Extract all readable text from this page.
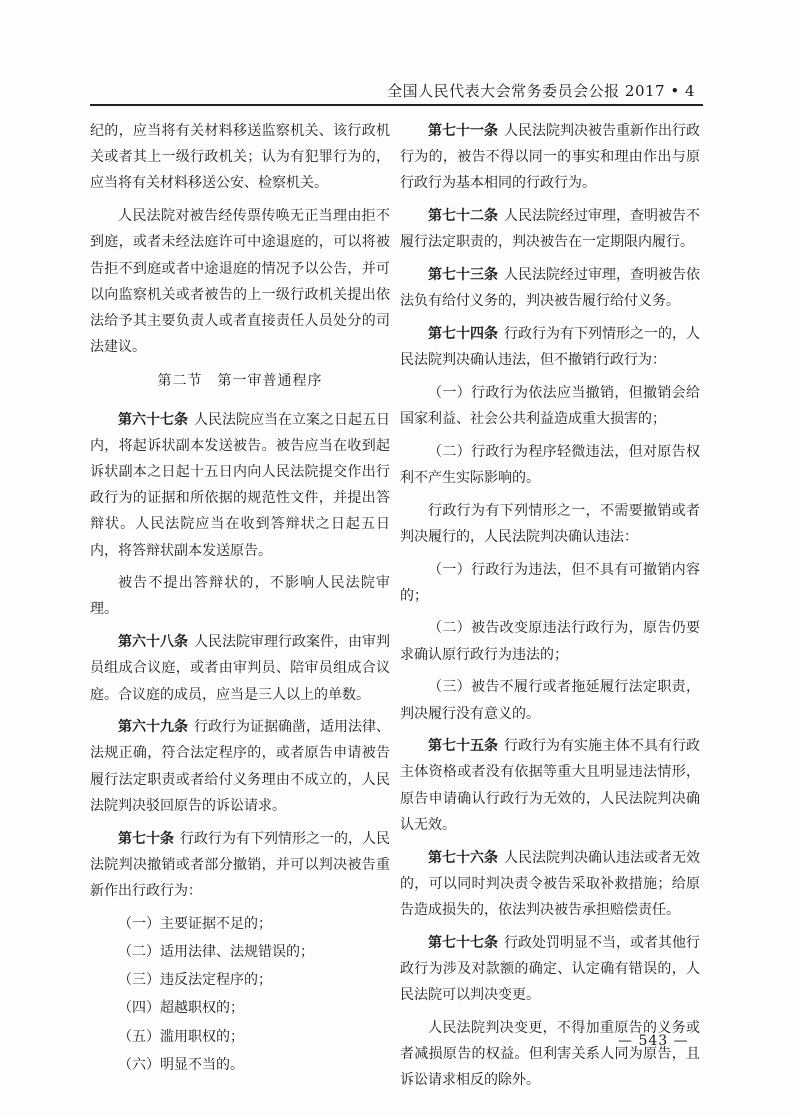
全国人民代表大会常务委员会公报 2017 • 4

纪的，应当将有关材料移送监察机关、该行政机关或者其上一级行政机关；认为有犯罪行为的，应当将有关材料移送公安、检察机关。

人民法院对被告经传票传唤无正当理由拒不到庭，或者未经法庭许可中途退庭的，可以将被告拒不到庭或者中途退庭的情况予以公告，并可以向监察机关或者被告的上一级行政机关提出依法给予其主要负责人或者直接责任人员处分的司法建议。

第二节　第一审普通程序

第六十七条 人民法院应当在立案之日起五日内，将起诉状副本发送被告。被告应当在收到起诉状副本之日起十五日内向人民法院提交作出行政行为的证据和所依据的规范性文件，并提出答辩状。人民法院应当在收到答辩状之日起五日内，将答辩状副本发送原告。

被告不提出答辩状的，不影响人民法院审理。

第六十八条 人民法院审理行政案件，由审判员组成合议庭，或者由审判员、陪审员组成合议庭。合议庭的成员，应当是三人以上的单数。

第六十九条 行政行为证据确凿，适用法律、法规正确，符合法定程序的，或者原告申请被告履行法定职责或者给付义务理由不成立的，人民法院判决驳回原告的诉讼请求。

第七十条 行政行为有下列情形之一的，人民法院判决撤销或者部分撤销，并可以判决被告重新作出行政行为：

（一）主要证据不足的；

（二）适用法律、法规错误的；

（三）违反法定程序的；

（四）超越职权的；

（五）滥用职权的；

（六）明显不当的。

第七十一条 人民法院判决被告重新作出行政行为的，被告不得以同一的事实和理由作出与原行政行为基本相同的行政行为。

第七十二条 人民法院经过审理，查明被告不履行法定职责的，判决被告在一定期限内履行。

第七十三条 人民法院经过审理，查明被告依法负有给付义务的，判决被告履行给付义务。

第七十四条 行政行为有下列情形之一的，人民法院判决确认违法，但不撤销行政行为：

（一）行政行为依法应当撤销，但撤销会给国家利益、社会公共利益造成重大损害的；

（二）行政行为程序轻微违法，但对原告权利不产生实际影响的。

行政行为有下列情形之一，不需要撤销或者判决履行的，人民法院判决确认违法：

（一）行政行为违法，但不具有可撤销内容的；

（二）被告改变原违法行政行为，原告仍要求确认原行政行为违法的；

（三）被告不履行或者拖延履行法定职责，判决履行没有意义的。

第七十五条 行政行为有实施主体不具有行政主体资格或者没有依据等重大且明显违法情形，原告申请确认行政行为无效的，人民法院判决确认无效。

第七十六条 人民法院判决确认违法或者无效的，可以同时判决责令被告采取补救措施；给原告造成损失的，依法判决被告承担赔偿责任。

第七十七条 行政处罚明显不当，或者其他行政行为涉及对款额的确定、认定确有错误的，人民法院可以判决变更。

人民法院判决变更，不得加重原告的义务或者减损原告的权益。但利害关系人同为原告，且诉讼请求相反的除外。

— 543 —
